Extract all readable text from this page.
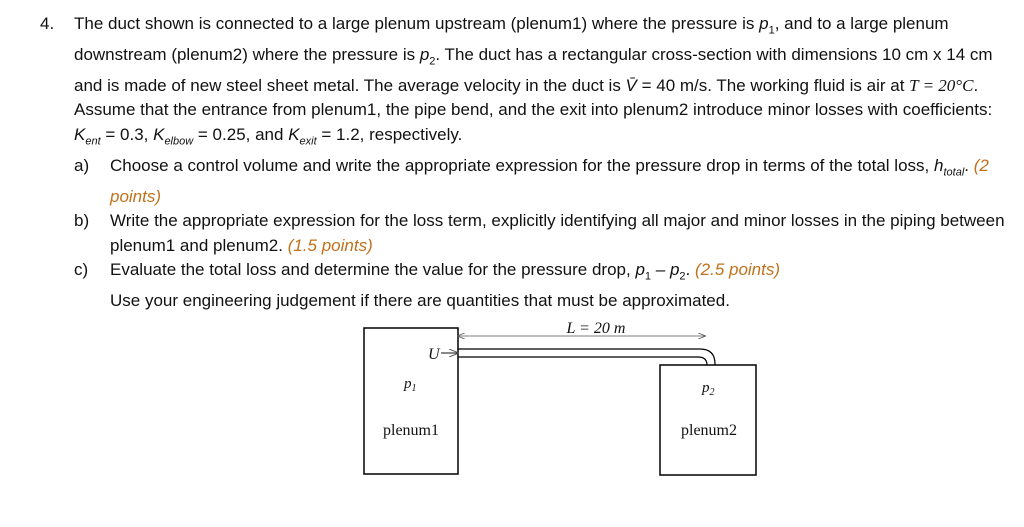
4. The duct shown is connected to a large plenum upstream (plenum1) where the pressure is $p_1$, and to a large plenum downstream (plenum2) where the pressure is $p_2$. The duct has a rectangular cross-section with dimensions 10 cm x 14 cm and is made of new steel sheet metal. The average velocity in the duct is V̄ = 40 m/s. The working fluid is air at T = 20°C. Assume that the entrance from plenum1, the pipe bend, and the exit into plenum2 introduce minor losses with coefficients: $K_{ent} = 0.3$, $K_{elbow} = 0.25$, and $K_{exit} = 1.2$, respectively.
a)	Choose a control volume and write the appropriate expression for the pressure drop in terms of the total loss, $h_{total}$. (2 points)
b)	Write the appropriate expression for the loss term, explicitly identifying all major and minor losses in the piping between plenum1 and plenum2. (1.5 points)
c)	Evaluate the total loss and determine the value for the pressure drop, $p_1 - p_2$. (2.5 points)
Use your engineering judgement if there are quantities that must be approximated.
L = 20 m
U
$p_1$	$p_2$
plenum1	plenum2
